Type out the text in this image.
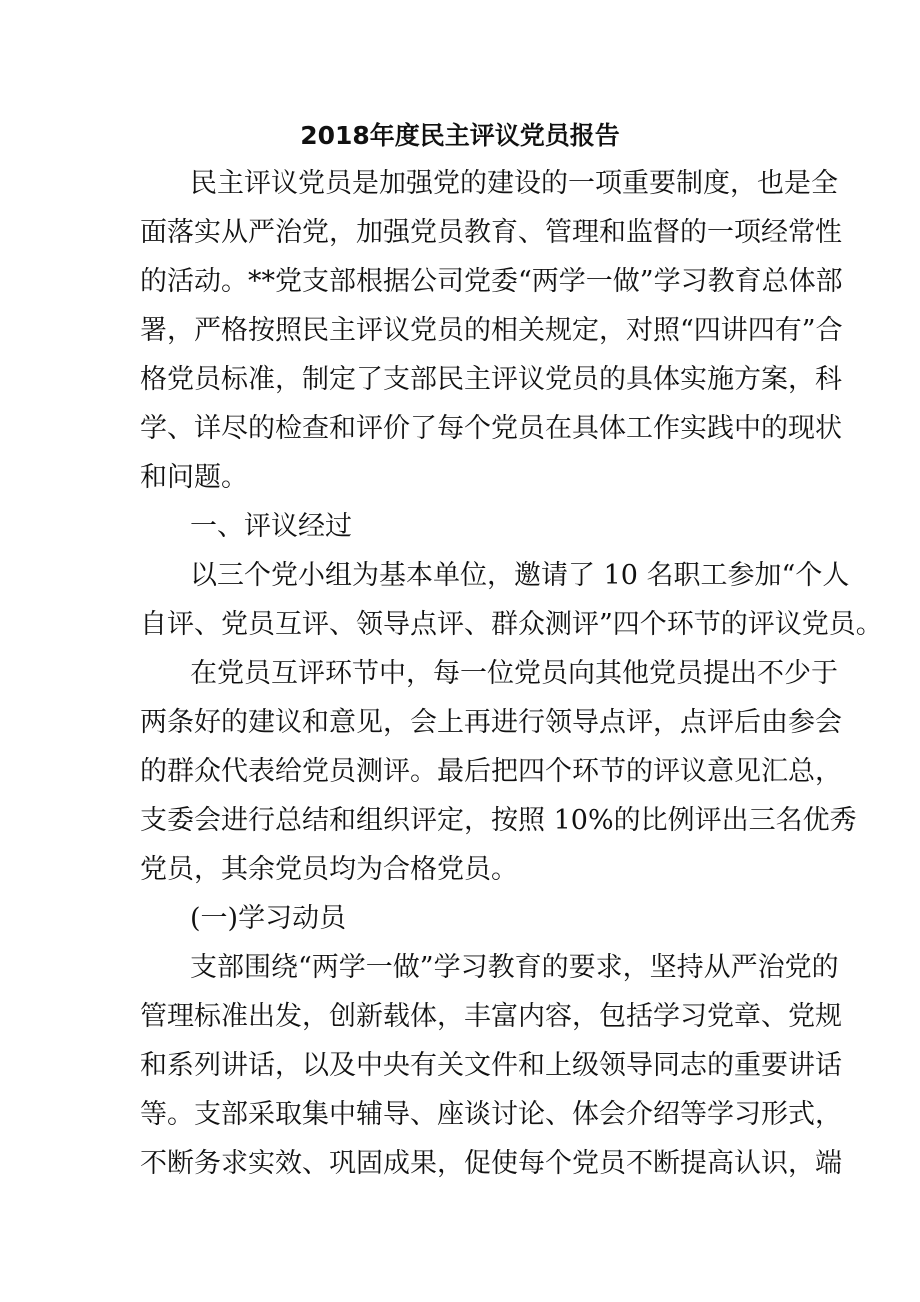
2018年度民主评议党员报告
民主评议党员是加强党的建设的一项重要制度，也是全
面落实从严治党，加强党员教育、管理和监督的一项经常性
的活动。**党支部根据公司党委“两学一做”学习教育总体部
署，严格按照民主评议党员的相关规定，对照“四讲四有”合
格党员标准，制定了支部民主评议党员的具体实施方案，科
学、详尽的检查和评价了每个党员在具体工作实践中的现状
和问题。
一、评议经过
以三个党小组为基本单位，邀请了 10 名职工参加“个人
自评、党员互评、领导点评、群众测评”四个环节的评议党员。
在党员互评环节中，每一位党员向其他党员提出不少于
两条好的建议和意见，会上再进行领导点评，点评后由参会
的群众代表给党员测评。最后把四个环节的评议意见汇总，
支委会进行总结和组织评定，按照 10%的比例评出三名优秀
党员，其余党员均为合格党员。
(一)学习动员
支部围绕“两学一做”学习教育的要求，坚持从严治党的
管理标准出发，创新载体，丰富内容，包括学习党章、党规
和系列讲话，以及中央有关文件和上级领导同志的重要讲话
等。支部采取集中辅导、座谈讨论、体会介绍等学习形式，
不断务求实效、巩固成果，促使每个党员不断提高认识，端
